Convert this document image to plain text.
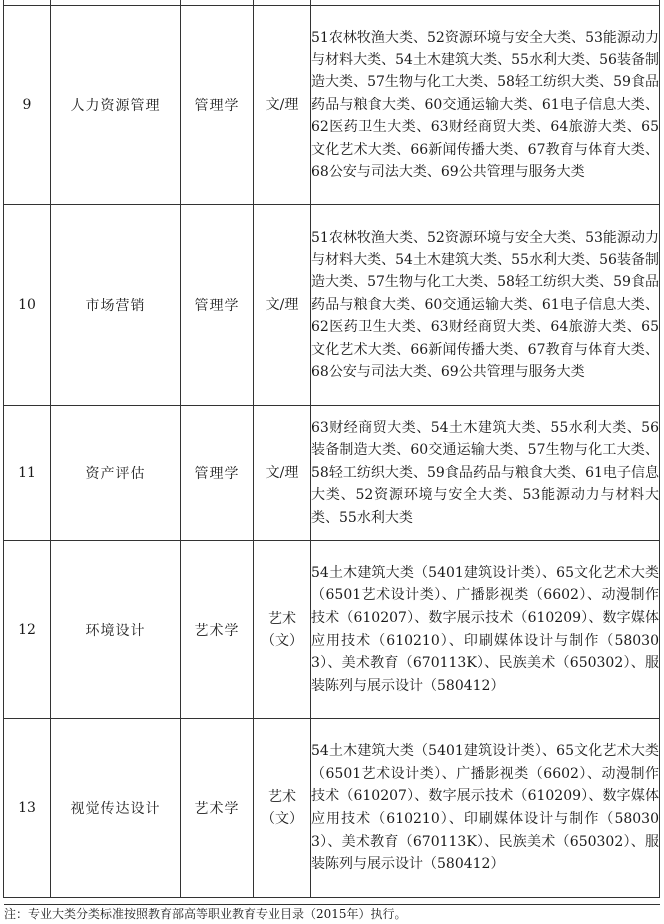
9	人力资源管理	管理学	文/理	51农林牧渔大类、52资源环境与安全大类、53能源动力与材料大类、54土木建筑大类、55水利大类、56装备制造大类、57生物与化工大类、58轻工纺织大类、59食品药品与粮食大类、60交通运输大类、61电子信息大类、62医药卫生大类、63财经商贸大类、64旅游大类、65文化艺术大类、66新闻传播大类、67教育与体育大类、68公安与司法大类、69公共管理与服务大类
10	市场营销	管理学	文/理	51农林牧渔大类、52资源环境与安全大类、53能源动力与材料大类、54土木建筑大类、55水利大类、56装备制造大类、57生物与化工大类、58轻工纺织大类、59食品药品与粮食大类、60交通运输大类、61电子信息大类、62医药卫生大类、63财经商贸大类、64旅游大类、65文化艺术大类、66新闻传播大类、67教育与体育大类、68公安与司法大类、69公共管理与服务大类
11	资产评估	管理学	文/理	63财经商贸大类、54土木建筑大类、55水利大类、56装备制造大类、60交通运输大类、57生物与化工大类、58轻工纺织大类、59食品药品与粮食大类、61电子信息大类、52资源环境与安全大类、53能源动力与材料大类、55水利大类
12	环境设计	艺术学	艺术（文）	54土木建筑大类（5401建筑设计类）、65文化艺术大类（6501艺术设计类）、广播影视类（6602）、动漫制作技术（610207）、数字展示技术（610209）、数字媒体应用技术（610210）、印刷媒体设计与制作（580303）、美术教育（670113K）、民族美术（650302）、服装陈列与展示设计（580412）
13	视觉传达设计	艺术学	艺术（文）	54土木建筑大类（5401建筑设计类）、65文化艺术大类（6501艺术设计类）、广播影视类（6602）、动漫制作技术（610207）、数字展示技术（610209）、数字媒体应用技术（610210）、印刷媒体设计与制作（580303）、美术教育（670113K）、民族美术（650302）、服装陈列与展示设计（580412）
注：专业大类分类标准按照教育部高等职业教育专业目录（2015年）执行。
